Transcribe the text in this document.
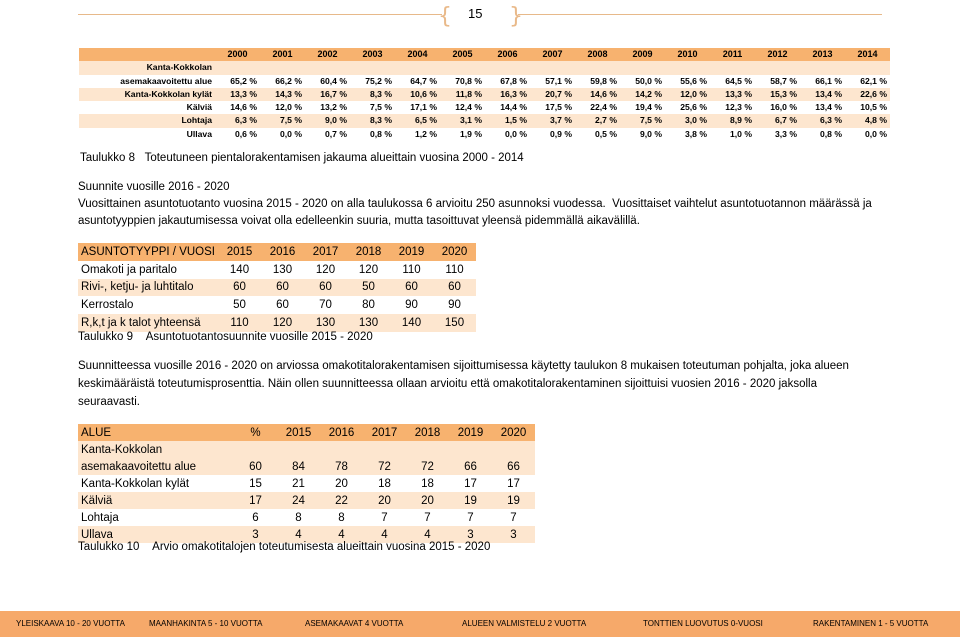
{	}
15
	2000	2001	2002	2003	2004	2005	2006	2007	2008	2009	2010	2011	2012	2013	2014
Kanta-Kokkolan															
asemakaavoitettu alue	65,2 %	66,2 %	60,4 %	75,2 %	64,7 %	70,8 %	67,8 %	57,1 %	59,8 %	50,0 %	55,6 %	64,5 %	58,7 %	66,1 %	62,1 %
Kanta-Kokkolan kylät	13,3 %	14,3 %	16,7 %	8,3 %	10,6 %	11,8 %	16,3 %	20,7 %	14,6 %	14,2 %	12,0 %	13,3 %	15,3 %	13,4 %	22,6 %
Kälviä	14,6 %	12,0 %	13,2 %	7,5 %	17,1 %	12,4 %	14,4 %	17,5 %	22,4 %	19,4 %	25,6 %	12,3 %	16,0 %	13,4 %	10,5 %
Lohtaja	6,3 %	7,5 %	9,0 %	8,3 %	6,5 %	3,1 %	1,5 %	3,7 %	2,7 %	7,5 %	3,0 %	8,9 %	6,7 %	6,3 %	4,8 %
Ullava	0,6 %	0,0 %	0,7 %	0,8 %	1,2 %	1,9 %	0,0 %	0,9 %	0,5 %	9,0 %	3,8 %	1,0 %	3,3 %	0,8 %	0,0 %
Taulukko 8 Toteutuneen pientalorakentamisen jakauma alueittain vuosina 2000 - 2014
Suunnite vuosille 2016 - 2020
Vuosittainen asuntotuotanto vuosina 2015 - 2020 on alla taulukossa 6 arvioitu 250 asunnoksi vuodessa. Vuosittaiset vaihtelut asuntotuotannon määrässä ja
asuntotyyppien jakautumisessa voivat olla edelleenkin suuria, mutta tasoittuvat yleensä pidemmällä aikavälillä.
ASUNTOTYYPPI / VUOSI	2015	2016	2017	2018	2019	2020
Omakoti ja paritalo	140	130	120	120	110	110
Rivi-, ketju- ja luhtitalo	60	60	60	50	60	60
Kerrostalo	50	60	70	80	90	90
R,k,t ja k talot yhteensä	110	120	130	130	140	150
Taulukko 9 Asuntotuotantosuunnite vuosille 2015 - 2020
Suunnitteessa vuosille 2016 - 2020 on arviossa omakotitalorakentamisen sijoittumisessa käytetty taulukon 8 mukaisen toteutuman pohjalta, joka alueen
keskimääräistä toteutumisprosenttia. Näin ollen suunnitteessa ollaan arvioitu että omakotitalorakentaminen sijoittuisi vuosien 2016 - 2020 jaksolla
seuraavasti.
ALUE	%	2015	2016	2017	2018	2019	2020
Kanta-Kokkolan							
asemakaavoitettu alue	60	84	78	72	72	66	66
Kanta-Kokkolan kylät	15	21	20	18	18	17	17
Kälviä	17	24	22	20	20	19	19
Lohtaja	6	8	8	7	7	7	7
Ullava	3	4	4	4	4	3	3
Taulukko 10 Arvio omakotitalojen toteutumisesta alueittain vuosina 2015 - 2020
YLEISKAAVA 10 - 20 VUOTTA	MAANHAKINTA 5 - 10 VUOTTA	ASEMAKAAVAT 4 VUOTTA	ALUEEN VALMISTELU 2 VUOTTA	TONTTIEN LUOVUTUS 0-VUOSI	RAKENTAMINEN 1 - 5 VUOTTA
